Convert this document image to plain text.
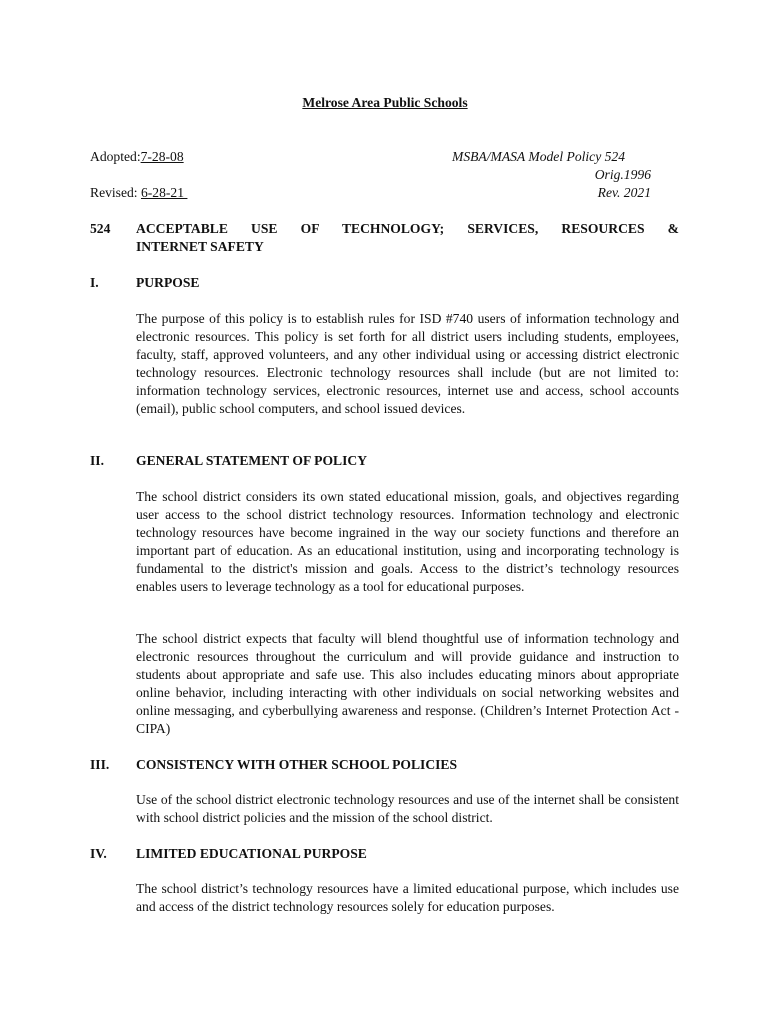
Melrose Area Public Schools
Adopted:7-28-08
Revised: 6-28-21
MSBA/MASA Model Policy 524
Orig.1996
Rev. 2021
524 ACCEPTABLE USE OF TECHNOLOGY; SERVICES, RESOURCES &
INTERNET SAFETY
I.	PURPOSE
The purpose of this policy is to establish rules for ISD #740 users of information technology and electronic resources. This policy is set forth for all district users including students, employees, faculty, staff, approved volunteers, and any other individual using or accessing district electronic technology resources. Electronic technology resources shall include (but are not limited to: information technology services, electronic resources, internet use and access, school accounts (email), public school computers, and school issued devices.
II. GENERAL STATEMENT OF POLICY
The school district considers its own stated educational mission, goals, and objectives regarding user access to the school district technology resources. Information technology and electronic technology resources have become ingrained in the way our society functions and therefore an important part of education. As an educational institution, using and incorporating technology is fundamental to the district's mission and goals. Access to the district’s technology resources enables users to leverage technology as a tool for educational purposes.
The school district expects that faculty will blend thoughtful use of information technology and electronic resources throughout the curriculum and will provide guidance and instruction to students about appropriate and safe use. This also includes educating minors about appropriate online behavior, including interacting with other individuals on social networking websites and online messaging, and cyberbullying awareness and response. (Children’s Internet Protection Act - CIPA)
III. CONSISTENCY WITH OTHER SCHOOL POLICIES
Use of the school district electronic technology resources and use of the internet shall be consistent with school district policies and the mission of the school district.
IV. LIMITED EDUCATIONAL PURPOSE
The school district’s technology resources have a limited educational purpose, which includes use and access of the district technology resources solely for education purposes.
